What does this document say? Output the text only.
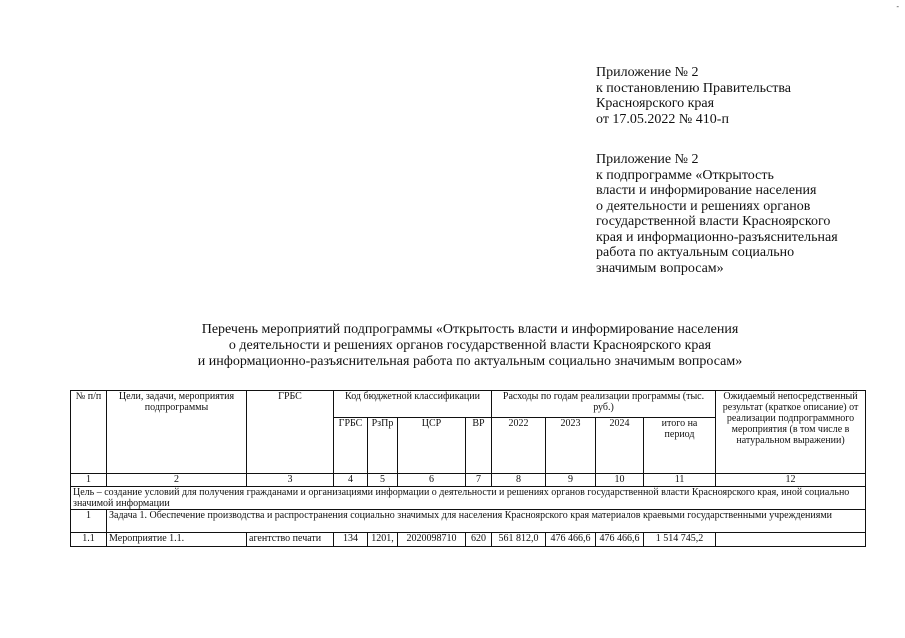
-
Приложение № 2
к постановлению Правительства
Красноярского края
от 17.05.2022 № 410-п
Приложение № 2
к подпрограмме «Открытость
власти и информирование населения
о деятельности и решениях органов
государственной власти Красноярского
края и информационно-разъяснительная
работа по актуальным социально
значимым вопросам»
Перечень мероприятий подпрограммы «Открытость власти и информирование населения
о деятельности и решениях органов государственной власти Красноярского края
и информационно-разъяснительная работа по актуальным социально значимым вопросам»
№ п/п	Цели, задачи, мероприятия подпрограммы	ГРБС	Код бюджетной классификации				Расходы по годам реализации программы (тыс. руб.)				Ожидаемый непосредственный результат (краткое описание) от реализации подпрограммного мероприятия (в том числе в натуральном выражении)
			ГРБС	РзПр	ЦСР	ВР	2022	2023	2024	итого на период	
1	2	3	4	5	6	7	8	9	10	11	12
Цель – создание условий для получения гражданами и организациями информации о деятельности и решениях органов государственной власти Красноярского края, иной социально значимой информации											
1	Задача 1. Обеспечение производства и распространения социально значимых для населения Красноярского края материалов краевыми государственными учреждениями										
1.1	Мероприятие 1.1.	агентство печати	134	1201,	2020098710	620	561 812,0	476 466,6	476 466,6	1 514 745,2	
